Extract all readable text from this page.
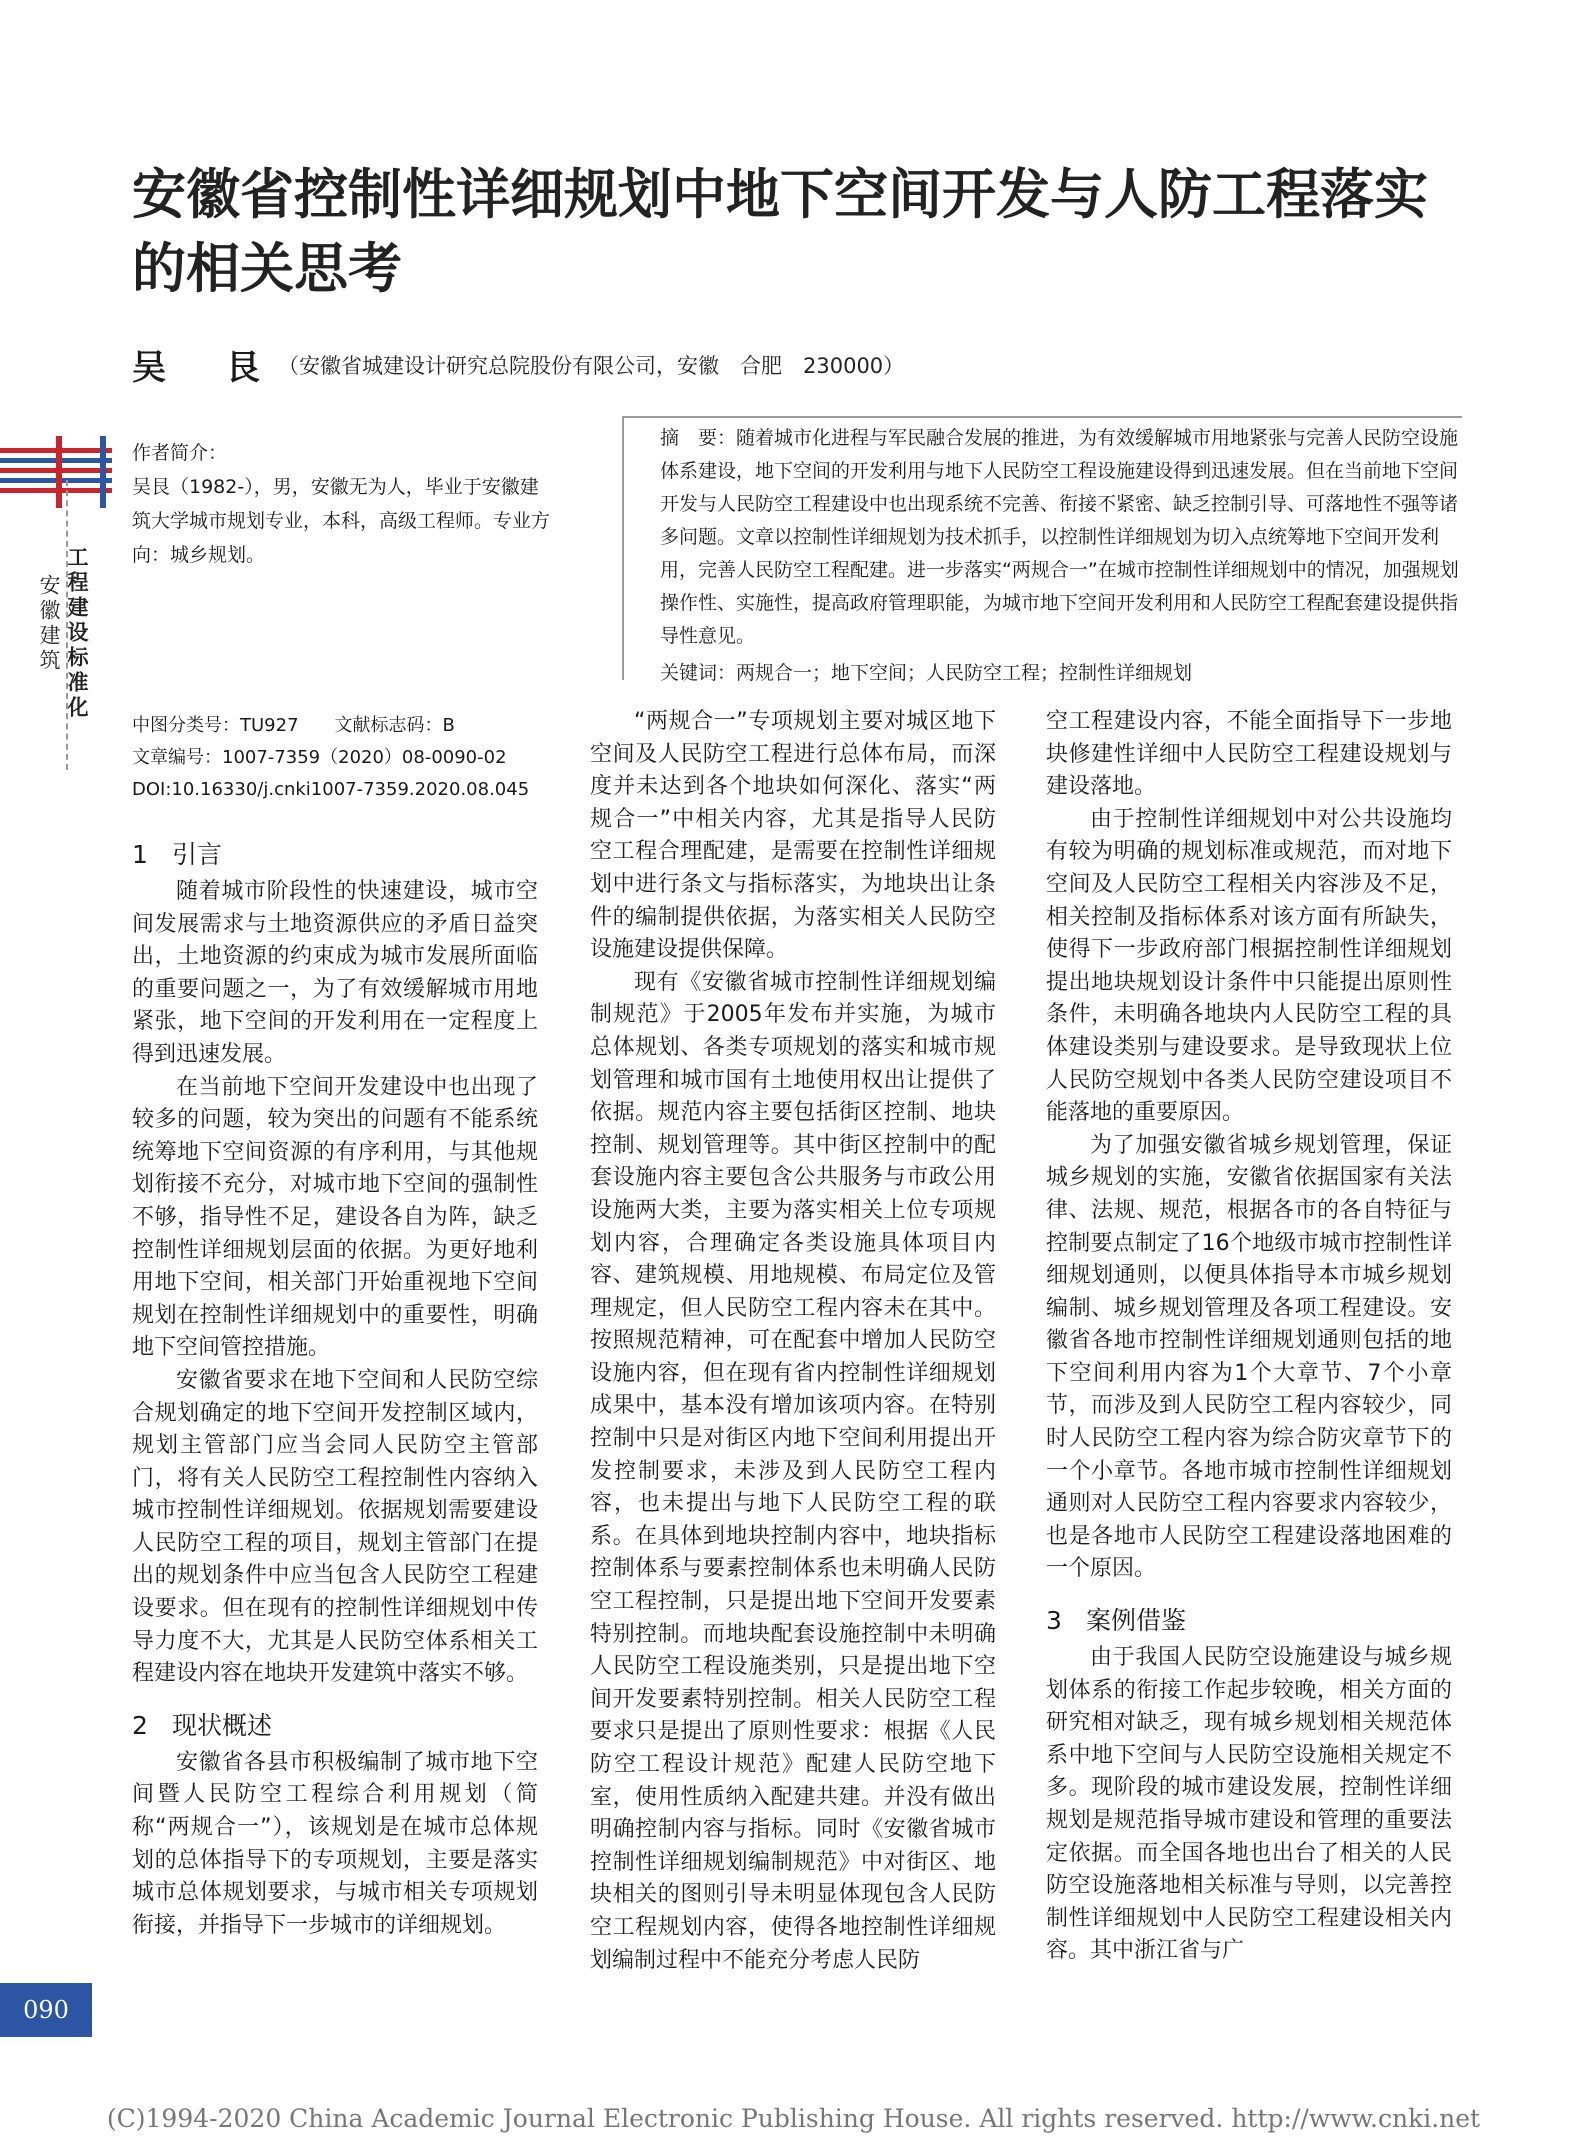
工程建设标准化
安徽建筑
安徽省控制性详细规划中地下空间开发与人防工程落实的相关思考
吴 艮
（安徽省城建设计研究总院股份有限公司，安徽　合肥　230000）

作者简介：

吴艮（1982-），男，安徽无为人，毕业于安徽建筑大学城市规划专业，本科，高级工程师。专业方向：城乡规划。

摘　要：随着城市化进程与军民融合发展的推进，为有效缓解城市用地紧张与完善人民防空设施体系建设，地下空间的开发利用与地下人民防空工程设施建设得到迅速发展。但在当前地下空间开发与人民防空工程建设中也出现系统不完善、衔接不紧密、缺乏控制引导、可落地性不强等诸多问题。文章以控制性详细规划为技术抓手，以控制性详细规划为切入点统筹地下空间开发利用，完善人民防空工程配建。进一步落实“两规合一”在城市控制性详细规划中的情况，加强规划操作性、实施性，提高政府管理职能，为城市地下空间开发利用和人民防空工程配套建设提供指导性意见。

关键词：两规合一；地下空间；人民防空工程；控制性详细规划

中图分类号：TU927　　文献标志码：B

文章编号：1007-7359（2020）08-0090-02

DOI:10.16330/j.cnki1007-7359.2020.08.045

1 引言

随着城市阶段性的快速建设，城市空间发展需求与土地资源供应的矛盾日益突出，土地资源的约束成为城市发展所面临的重要问题之一，为了有效缓解城市用地紧张，地下空间的开发利用在一定程度上得到迅速发展。

在当前地下空间开发建设中也出现了较多的问题，较为突出的问题有不能系统统筹地下空间资源的有序利用，与其他规划衔接不充分，对城市地下空间的强制性不够，指导性不足，建设各自为阵，缺乏控制性详细规划层面的依据。为更好地利用地下空间，相关部门开始重视地下空间规划在控制性详细规划中的重要性，明确地下空间管控措施。

安徽省要求在地下空间和人民防空综合规划确定的地下空间开发控制区域内，规划主管部门应当会同人民防空主管部门，将有关人民防空工程控制性内容纳入城市控制性详细规划。依据规划需要建设人民防空工程的项目，规划主管部门在提出的规划条件中应当包含人民防空工程建设要求。但在现有的控制性详细规划中传导力度不大，尤其是人民防空体系相关工程建设内容在地块开发建筑中落实不够。

2 现状概述

安徽省各县市积极编制了城市地下空间暨人民防空工程综合利用规划（简称“两规合一”），该规划是在城市总体规划的总体指导下的专项规划，主要是落实城市总体规划要求，与城市相关专项规划衔接，并指导下一步城市的详细规划。

“两规合一”专项规划主要对城区地下空间及人民防空工程进行总体布局，而深度并未达到各个地块如何深化、落实“两规合一”中相关内容，尤其是指导人民防空工程合理配建，是需要在控制性详细规划中进行条文与指标落实，为地块出让条件的编制提供依据，为落实相关人民防空设施建设提供保障。

现有《安徽省城市控制性详细规划编制规范》于2005年发布并实施，为城市总体规划、各类专项规划的落实和城市规划管理和城市国有土地使用权出让提供了依据。规范内容主要包括街区控制、地块控制、规划管理等。其中街区控制中的配套设施内容主要包含公共服务与市政公用设施两大类，主要为落实相关上位专项规划内容，合理确定各类设施具体项目内容、建筑规模、用地规模、布局定位及管理规定，但人民防空工程内容未在其中。按照规范精神，可在配套中增加人民防空设施内容，但在现有省内控制性详细规划成果中，基本没有增加该项内容。在特别控制中只是对街区内地下空间利用提出开发控制要求，未涉及到人民防空工程内容，也未提出与地下人民防空工程的联系。在具体到地块控制内容中，地块指标控制体系与要素控制体系也未明确人民防空工程控制，只是提出地下空间开发要素特别控制。而地块配套设施控制中未明确人民防空工程设施类别，只是提出地下空间开发要素特别控制。相关人民防空工程要求只是提出了原则性要求：根据《人民防空工程设计规范》配建人民防空地下室，使用性质纳入配建共建。并没有做出明确控制内容与指标。同时《安徽省城市控制性详细规划编制规范》中对街区、地块相关的图则引导未明显体现包含人民防空工程规划内容，使得各地控制性详细规划编制过程中不能充分考虑人民防

空工程建设内容，不能全面指导下一步地块修建性详细中人民防空工程建设规划与建设落地。

由于控制性详细规划中对公共设施均有较为明确的规划标准或规范，而对地下空间及人民防空工程相关内容涉及不足，相关控制及指标体系对该方面有所缺失，使得下一步政府部门根据控制性详细规划提出地块规划设计条件中只能提出原则性条件，未明确各地块内人民防空工程的具体建设类别与建设要求。是导致现状上位人民防空规划中各类人民防空建设项目不能落地的重要原因。

为了加强安徽省城乡规划管理，保证城乡规划的实施，安徽省依据国家有关法律、法规、规范，根据各市的各自特征与控制要点制定了16个地级市城市控制性详细规划通则，以便具体指导本市城乡规划编制、城乡规划管理及各项工程建设。安徽省各地市控制性详细规划通则包括的地下空间利用内容为1个大章节、7个小章节，而涉及到人民防空工程内容较少，同时人民防空工程内容为综合防灾章节下的一个小章节。各地市城市控制性详细规划通则对人民防空工程内容要求内容较少，也是各地市人民防空工程建设落地困难的一个原因。

3 案例借鉴

由于我国人民防空设施建设与城乡规划体系的衔接工作起步较晚，相关方面的研究相对缺乏，现有城乡规划相关规范体系中地下空间与人民防空设施相关规定不多。现阶段的城市建设发展，控制性详细规划是规范指导城市建设和管理的重要法定依据。而全国各地也出台了相关的人民防空设施落地相关标准与导则，以完善控制性详细规划中人民防空工程建设相关内容。其中浙江省与广

090
(C)1994-2020 China Academic Journal Electronic Publishing House. All rights reserved. http://www.cnki.net
